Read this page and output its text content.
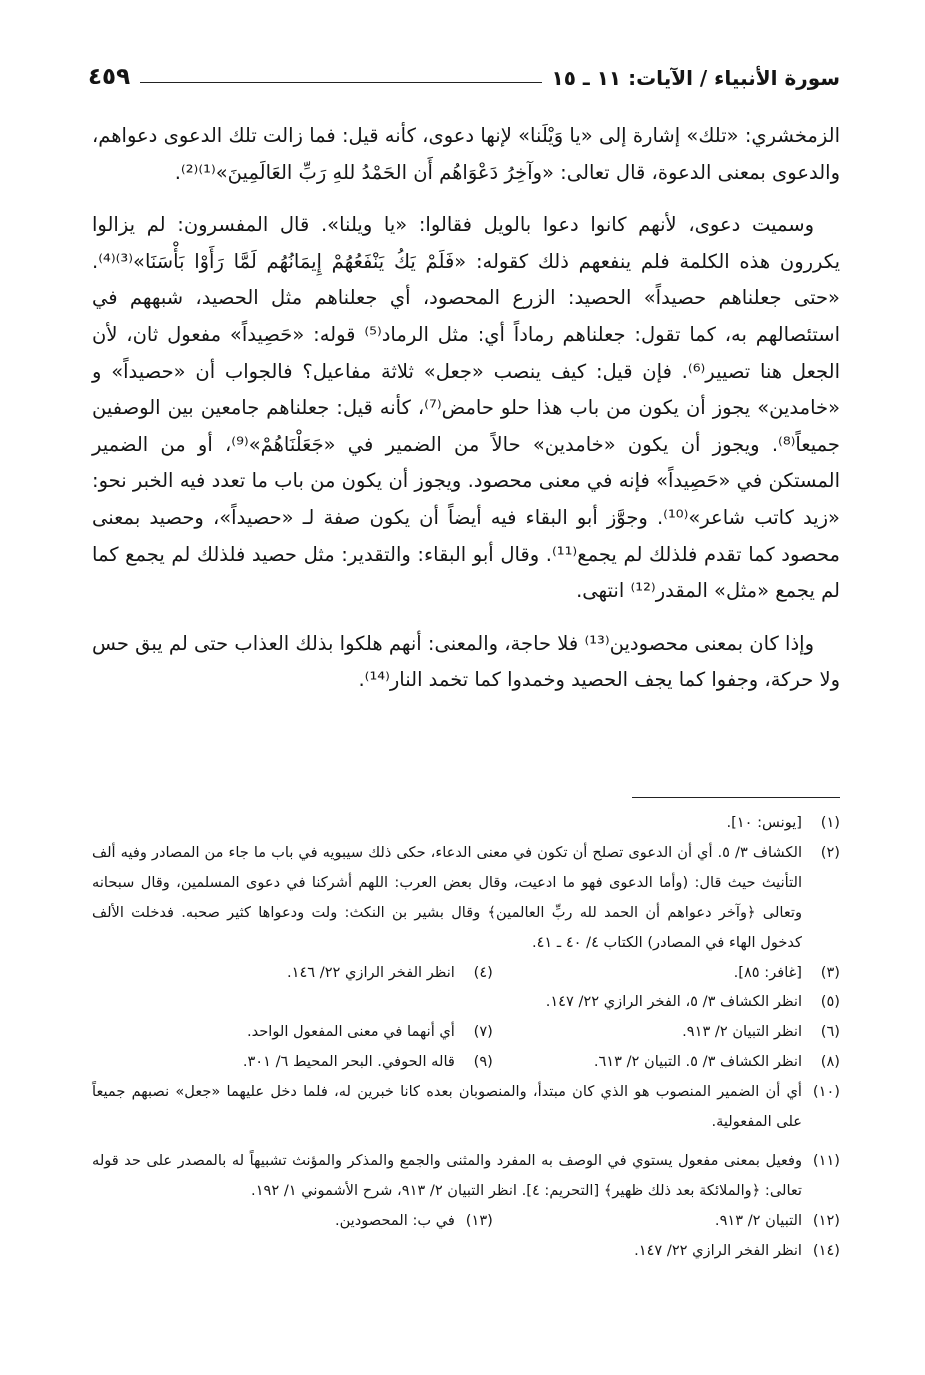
سورة الأنبياء / الآيات: ١١ ـ ١٥
٤٥٩

الزمخشري: «تلك» إشارة إلى «يا وَيْلَنا» لإنها دعوى، كأنه قيل: فما زالت تلك الدعوى دعواهم، والدعوى بمعنى الدعوة، قال تعالى: «وآخِرُ دَعْوَاهُم أَن الحَمْدُ للهِ رَبِّ العَالَمِينَ»⁽¹⁾⁽²⁾.

وسميت دعوى، لأنهم كانوا دعوا بالويل فقالوا: «يا ويلنا». قال المفسرون: لم يزالوا يكررون هذه الكلمة فلم ينفعهم ذلك كقوله: «فَلَمْ يَكُ يَنْفَعُهُمْ إِيمَانُهُم لَمَّا رَأَوْا بَأْسَنَا»⁽³⁾⁽⁴⁾. «حتى جعلناهم حصيداً» الحصيد: الزرع المحصود، أي جعلناهم مثل الحصيد، شبههم في استئصالهم به، كما تقول: جعلناهم رماداً أي: مثل الرماد⁽⁵⁾ قوله: «حَصِيداً» مفعول ثان، لأن الجعل هنا تصيير⁽⁶⁾. فإن قيل: كيف ينصب «جعل» ثلاثة مفاعيل؟ فالجواب أن «حصيداً» و «خامدين» يجوز أن يكون من باب هذا حلو حامض⁽⁷⁾، كأنه قيل: جعلناهم جامعين بين الوصفين جميعاً⁽⁸⁾. ويجوز أن يكون «خامدين» حالاً من الضمير في «جَعَلْنَاهُمْ»⁽⁹⁾، أو من الضمير المستكن في «حَصِيداً» فإنه في معنى محصود. ويجوز أن يكون من باب ما تعدد فيه الخبر نحو: «زيد كاتب شاعر»⁽¹⁰⁾. وجوَّز أبو البقاء فيه أيضاً أن يكون صفة لـ «حصيداً»، وحصيد بمعنى محصود كما تقدم فلذلك لم يجمع⁽¹¹⁾. وقال أبو البقاء: والتقدير: مثل حصيد فلذلك لم يجمع كما لم يجمع «مثل» المقدر⁽¹²⁾ انتهى.

وإذا كان بمعنى محصودين⁽¹³⁾ فلا حاجة، والمعنى: أنهم هلكوا بذلك العذاب حتى لم يبق حس ولا حركة، وجفوا كما يجف الحصيد وخمدوا كما تخمد النار⁽¹⁴⁾.

(١)
[يونس: ١٠].

(٢)
الكشاف ٣/ ٥. أي أن الدعوى تصلح أن تكون في معنى الدعاء، حكى ذلك سيبويه في باب ما جاء من المصادر وفيه ألف التأنيث حيث قال: (وأما الدعوى فهو ما ادعيت، وقال بعض العرب: اللهم أشركنا في دعوى المسلمين، وقال سبحانه وتعالى ﴿وآخر دعواهم أن الحمد لله ربِّ العالمين﴾ وقال بشير بن النكث: ولت ودعواها كثير صحبه. فدخلت الألف كدخول الهاء في المصادر) الكتاب ٤/ ٤٠ ـ ٤١.

(٣)
[غافر: ٨٥].

(٤)
انظر الفخر الرازي ٢٢/ ١٤٦.

(٥)
انظر الكشاف ٣/ ٥، الفخر الرازي ٢٢/ ١٤٧.

(٦)
انظر التبيان ٢/ ٩١٣.

(٧)
أي أنهما في معنى المفعول الواحد.

(٨)
انظر الكشاف ٣/ ٥. التبيان ٢/ ٦١٣.

(٩)
قاله الحوفي. البحر المحيط ٦/ ٣٠١.

(١٠)
أي أن الضمير المنصوب هو الذي كان مبتدأ، والمنصوبان بعده كانا خبرين له، فلما دخل عليهما «جعل» نصبهم جميعاً على المفعولية.

(١١)
وفعيل بمعنى مفعول يستوي في الوصف به المفرد والمثنى والجمع والمذكر والمؤنث تشبيهاً له بالمصدر على حد قوله تعالى: ﴿والملائكة بعد ذلك ظهير﴾ [التحريم: ٤]. انظر التبيان ٢/ ٩١٣، شرح الأشموني ١/ ١٩٢.

(١٢)
التبيان ٢/ ٩١٣.

(١٣)
في ب: المحصودين.

(١٤)
انظر الفخر الرازي ٢٢/ ١٤٧.
